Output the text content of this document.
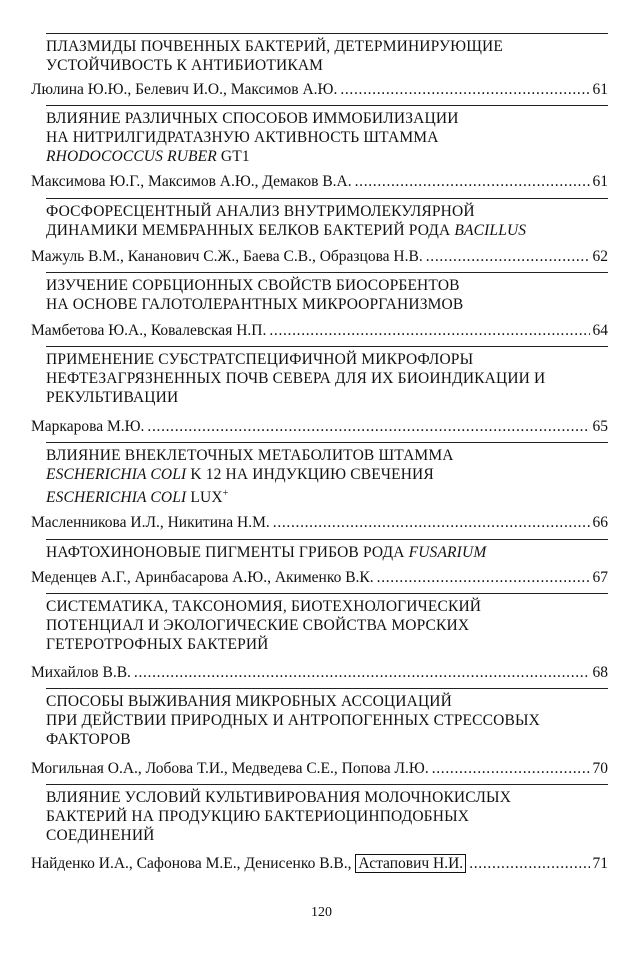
ПЛАЗМИДЫ ПОЧВЕННЫХ БАКТЕРИЙ, ДЕТЕРМИНИРУЮЩИЕ
УСТОЙЧИВОСТЬ К АНТИБИОТИКАМ
Люлина Ю.Ю., Белевич И.О., Максимов А.Ю. . . .	61
ВЛИЯНИЕ РАЗЛИЧНЫХ СПОСОБОВ ИММОБИЛИЗАЦИИ
НА НИТРИЛГИДРАТАЗНУЮ АКТИВНОСТЬ ШТАММА
RHODOCOCCUS RUBER GT1
Максимова Ю.Г., Максимов А.Ю., Демаков В.А. . . .	61
ФОСФОРЕСЦЕНТНЫЙ АНАЛИЗ ВНУТРИМОЛЕКУЛЯРНОЙ
ДИНАМИКИ МЕМБРАННЫХ БЕЛКОВ БАКТЕРИЙ РОДА BACILLUS
Мажуль В.М., Кананович С.Ж., Баева С.В., Образцова Н.В. . . .	62
ИЗУЧЕНИЕ СОРБЦИОННЫХ СВОЙСТВ БИОСОРБЕНТОВ
НА ОСНОВЕ ГАЛОТОЛЕРАНТНЫХ МИКРООРГАНИЗМОВ
Мамбетова Ю.А., Ковалевская Н.П. . . .	64
ПРИМЕНЕНИЕ СУБСТРАТСПЕЦИФИЧНОЙ МИКРОФЛОРЫ
НЕФТЕЗАГРЯЗНЕННЫХ ПОЧВ СЕВЕРА ДЛЯ ИХ БИОИНДИКАЦИИ И
РЕКУЛЬТИВАЦИИ
Маркарова М.Ю. . . .	65
ВЛИЯНИЕ ВНЕКЛЕТОЧНЫХ МЕТАБОЛИТОВ ШТАММА
ESCHERICHIA COLI K 12 НА ИНДУКЦИЮ СВЕЧЕНИЯ
ESCHERICHIA COLI LUX+
Масленникова И.Л., Никитина Н.М. . . .	66
НАФТОХИНОНОВЫЕ ПИГМЕНТЫ ГРИБОВ РОДА FUSARIUM
Меденцев А.Г., Аринбасарова А.Ю., Акименко В.К. . . .	67
СИСТЕМАТИКА, ТАКСОНОМИЯ, БИОТЕХНОЛОГИЧЕСКИЙ
ПОТЕНЦИАЛ И ЭКОЛОГИЧЕСКИЕ СВОЙСТВА МОРСКИХ
ГЕТЕРОТРОФНЫХ БАКТЕРИЙ
Михайлов В.В. . . .	68
СПОСОБЫ ВЫЖИВАНИЯ МИКРОБНЫХ АССОЦИАЦИЙ
ПРИ ДЕЙСТВИИ ПРИРОДНЫХ И АНТРОПОГЕННЫХ СТРЕССОВЫХ
ФАКТОРОВ
Могильная О.А., Лобова Т.И., Медведева С.Е., Попова Л.Ю. . . .	70
ВЛИЯНИЕ УСЛОВИЙ КУЛЬТИВИРОВАНИЯ МОЛОЧНОКИСЛЫХ
БАКТЕРИЙ НА ПРОДУКЦИЮ БАКТЕРИОЦИНПОДОБНЫХ
СОЕДИНЕНИЙ
Найденко И.А., Сафонова М.Е., Денисенко В.В., Астапович Н.И. . . .	71
120
